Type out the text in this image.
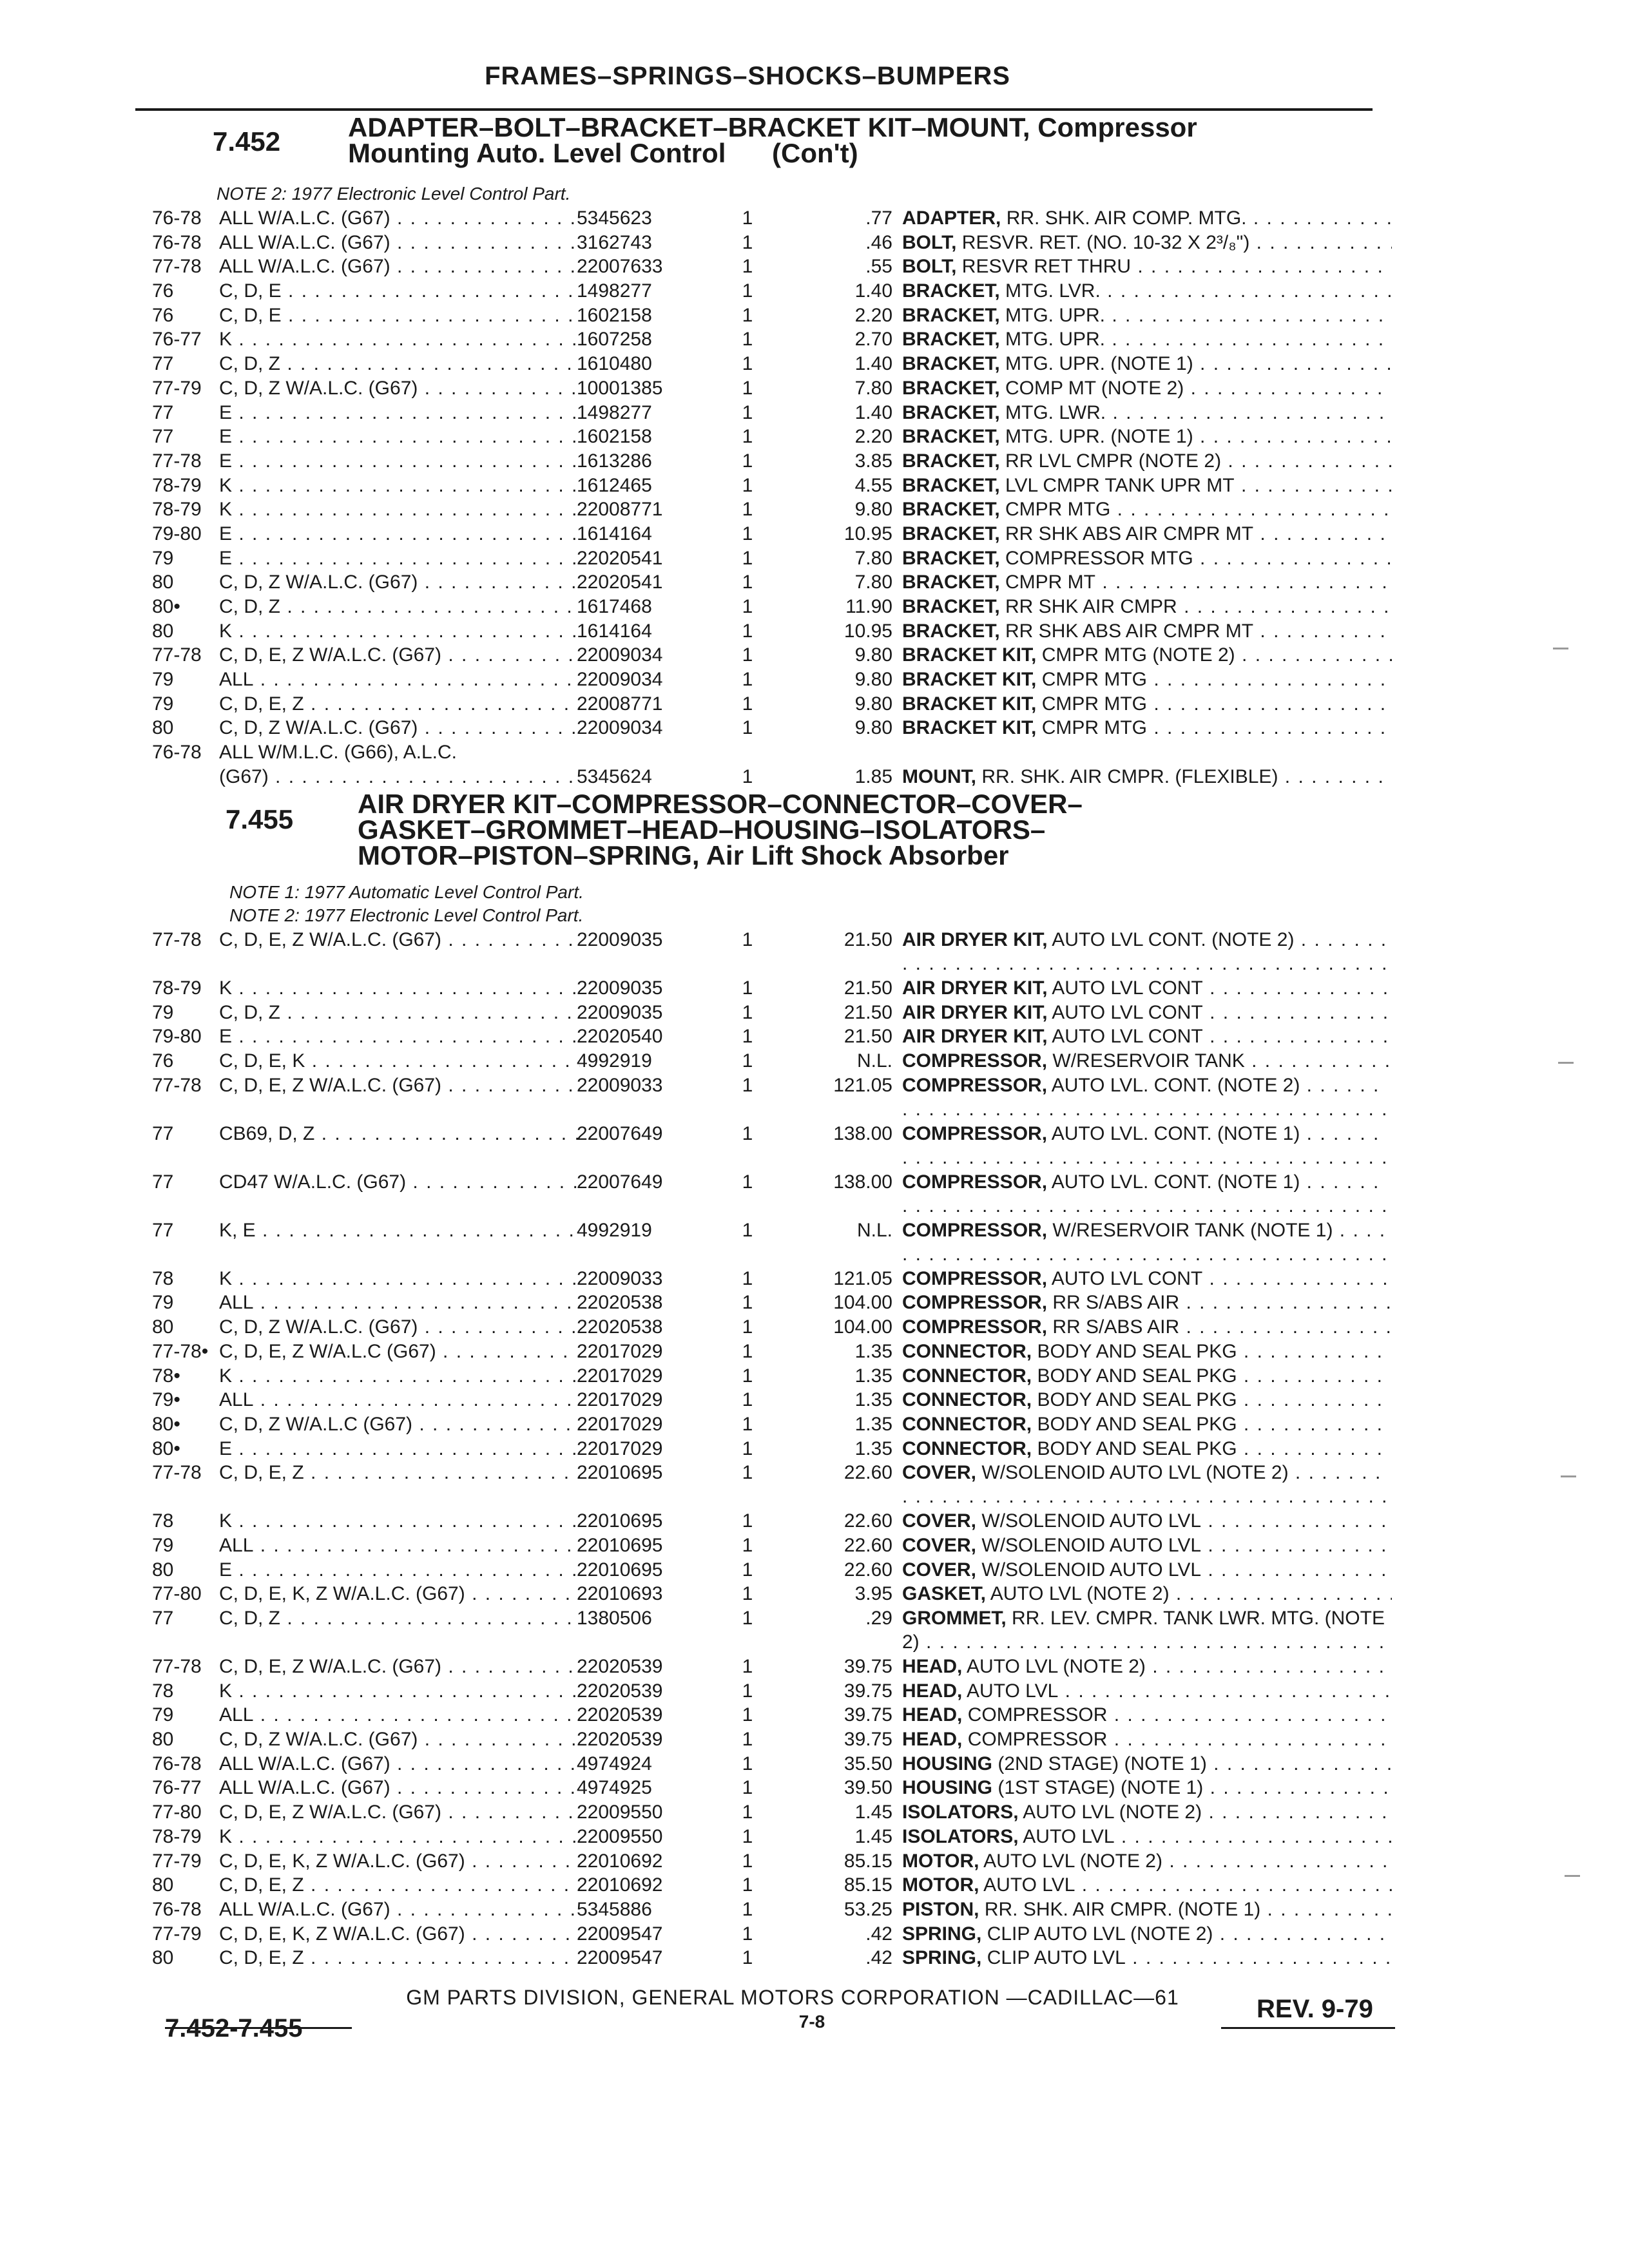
FRAMES–SPRINGS–SHOCKS–BUMPERS
7.452 ADAPTER–BOLT–BRACKET–BRACKET KIT–MOUNT, Compressor
Mounting Auto. Level Control (Con't)
NOTE 2: 1977 Electronic Level Control Part.
76-78 ALL W/A.L.C. (G67) . . .	5345623	1	.77 ADAPTER, RR. SHK. AIR COMP. MTG. . . .
76-78 ALL W/A.L.C. (G67) . . .	3162743	1	.46 BOLT, RESVR. RET. (NO. 10-32 X 2³/₈") . . .
77-78 ALL W/A.L.C. (G67) . . .	22007633	1	.55 BOLT, RESVR RET THRU . . .
76	C, D, E . . .	1498277	1	1.40 BRACKET, MTG. LVR. . . .
76	C, D, E . . .	1602158	1	2.20 BRACKET, MTG. UPR. . . .
76-77 K . . .	1607258	1	2.70 BRACKET, MTG. UPR. . . .
77	C, D, Z . . .	1610480	1	1.40 BRACKET, MTG. UPR. (NOTE 1) . . .
77-79 C, D, Z W/A.L.C. (G67) . . .	10001385	1	7.80 BRACKET, COMP MT (NOTE 2) . . .
77	E . . .	1498277	1	1.40 BRACKET, MTG. LWR. . . .
77	E . . .	1602158	1	2.20 BRACKET, MTG. UPR. (NOTE 1) . . .
77-78 E . . .	1613286	1	3.85 BRACKET, RR LVL CMPR (NOTE 2) . . .
78-79 K . . .	1612465	1	4.55 BRACKET, LVL CMPR TANK UPR MT . . .
78-79 K . . .	22008771	1	9.80 BRACKET, CMPR MTG . . .
79-80 E . . .	1614164	1	10.95 BRACKET, RR SHK ABS AIR CMPR MT . . .
79	E . . .	22020541	1	7.80 BRACKET, COMPRESSOR MTG . . .
80	C, D, Z W/A.L.C. (G67) . . .	22020541	1	7.80 BRACKET, CMPR MT . . .
80•	C, D, Z . . .	1617468	1	11.90 BRACKET, RR SHK AIR CMPR . . .
80	K . . .	1614164	1	10.95 BRACKET, RR SHK ABS AIR CMPR MT . . .
77-78 C, D, E, Z W/A.L.C. (G67) . . .	22009034	1	9.80 BRACKET KIT, CMPR MTG (NOTE 2) . . .
79	ALL . . .	22009034	1	9.80 BRACKET KIT, CMPR MTG . . .
79	C, D, E, Z . . .	22008771	1	9.80 BRACKET KIT, CMPR MTG . . .
80	C, D, Z W/A.L.C. (G67) . . .	22009034	1	9.80 BRACKET KIT, CMPR MTG . . .
76-78 ALL W/M.L.C. (G66), A.L.C.
(G67) . . .	5345624	1	1.85 MOUNT, RR. SHK. AIR CMPR. (FLEXIBLE) . . .
7.455
AIR DRYER KIT–COMPRESSOR–CONNECTOR–COVER–
GASKET–GROMMET–HEAD–HOUSING–ISOLATORS–
MOTOR–PISTON–SPRING, Air Lift Shock Absorber
NOTE 1: 1977 Automatic Level Control Part.
NOTE 2: 1977 Electronic Level Control Part.
77-78 C, D, E, Z W/A.L.C. (G67) . . .	22009035	1	21.50 AIR DRYER KIT, AUTO LVL CONT. (NOTE 2) . . .
78-79 K . . .	22009035	1	21.50 AIR DRYER KIT, AUTO LVL CONT . . .
79	C, D, Z . . .	22009035	1	21.50 AIR DRYER KIT, AUTO LVL CONT . . .
79-80 E . . .	22020540	1	21.50 AIR DRYER KIT, AUTO LVL CONT . . .
76	C, D, E, K . . .	4992919	1	N.L. COMPRESSOR, W/RESERVOIR TANK . . .
77-78 C, D, E, Z W/A.L.C. (G67) . . .	22009033	1	121.05 COMPRESSOR, AUTO LVL. CONT. (NOTE 2) . . .
77	CB69, D, Z . . .	22007649	1	138.00 COMPRESSOR, AUTO LVL. CONT. (NOTE 1) . . .
77	CD47 W/A.L.C. (G67) . . .	22007649	1	138.00 COMPRESSOR, AUTO LVL. CONT. (NOTE 1) . . .
77	K, E . . .	4992919	1	N.L. COMPRESSOR, W/RESERVOIR TANK (NOTE 1) . . .
78	K . . .	22009033	1	121.05 COMPRESSOR, AUTO LVL CONT . . .
79	ALL . . .	22020538	1	104.00 COMPRESSOR, RR S/ABS AIR . . .
80	C, D, Z W/A.L.C. (G67) . . .	22020538	1	104.00 COMPRESSOR, RR S/ABS AIR . . .
77-78• C, D, E, Z W/A.L.C (G67) . . .	22017029	1	1.35 CONNECTOR, BODY AND SEAL PKG . . .
78•	K . . .	22017029	1	1.35 CONNECTOR, BODY AND SEAL PKG . . .
79•	ALL . . .	22017029	1	1.35 CONNECTOR, BODY AND SEAL PKG . . .
80•	C, D, Z W/A.L.C (G67) . . .	22017029	1	1.35 CONNECTOR, BODY AND SEAL PKG . . .
80•	E . . .	22017029	1	1.35 CONNECTOR, BODY AND SEAL PKG . . .
77-78 C, D, E, Z . . .	22010695	1	22.60 COVER, W/SOLENOID AUTO LVL (NOTE 2) . . .
78	K . . .	22010695	1	22.60 COVER, W/SOLENOID AUTO LVL . . .
79	ALL . . .	22010695	1	22.60 COVER, W/SOLENOID AUTO LVL . . .
80	E . . .	22010695	1	22.60 COVER, W/SOLENOID AUTO LVL . . .
77-80 C, D, E, K, Z W/A.L.C. (G67) . . .	22010693	1	3.95 GASKET, AUTO LVL (NOTE 2) . . .
77	C, D, Z . . .	1380506	1	.29 GROMMET, RR. LEV. CMPR. TANK LWR. MTG. (NOTE 2) . . .
77-78 C, D, E, Z W/A.L.C. (G67) . . .	22020539	1	39.75 HEAD, AUTO LVL (NOTE 2) . . .
78	K . . .	22020539	1	39.75 HEAD, AUTO LVL . . .
79	ALL . . .	22020539	1	39.75 HEAD, COMPRESSOR . . .
80	C, D, Z W/A.L.C. (G67) . . .	22020539	1	39.75 HEAD, COMPRESSOR . . .
76-78 ALL W/A.L.C. (G67) . . .	4974924	1	35.50 HOUSING (2ND STAGE) (NOTE 1) . . .
76-77 ALL W/A.L.C. (G67) . . .	4974925	1	39.50 HOUSING (1ST STAGE) (NOTE 1) . . .
77-80 C, D, E, Z W/A.L.C. (G67) . . .	22009550	1	1.45 ISOLATORS, AUTO LVL (NOTE 2) . . .
78-79 K . . .	22009550	1	1.45 ISOLATORS, AUTO LVL . . .
77-79 C, D, E, K, Z W/A.L.C. (G67) . . .	22010692	1	85.15 MOTOR, AUTO LVL (NOTE 2) . . .
80	C, D, E, Z . . .	22010692	1	85.15 MOTOR, AUTO LVL . . .
76-78 ALL W/A.L.C. (G67) . . .	5345886	1	53.25 PISTON, RR. SHK. AIR CMPR. (NOTE 1) . . .
77-79 C, D, E, K, Z W/A.L.C. (G67) . . .	22009547	1	.42 SPRING, CLIP AUTO LVL (NOTE 2) . . .
80	C, D, E, Z . . .	22009547	1	.42 SPRING, CLIP AUTO LVL . . .
GM PARTS DIVISION, GENERAL MOTORS CORPORATION —CADILLAC—61
7.452-7.455	7-8	REV. 9-79
